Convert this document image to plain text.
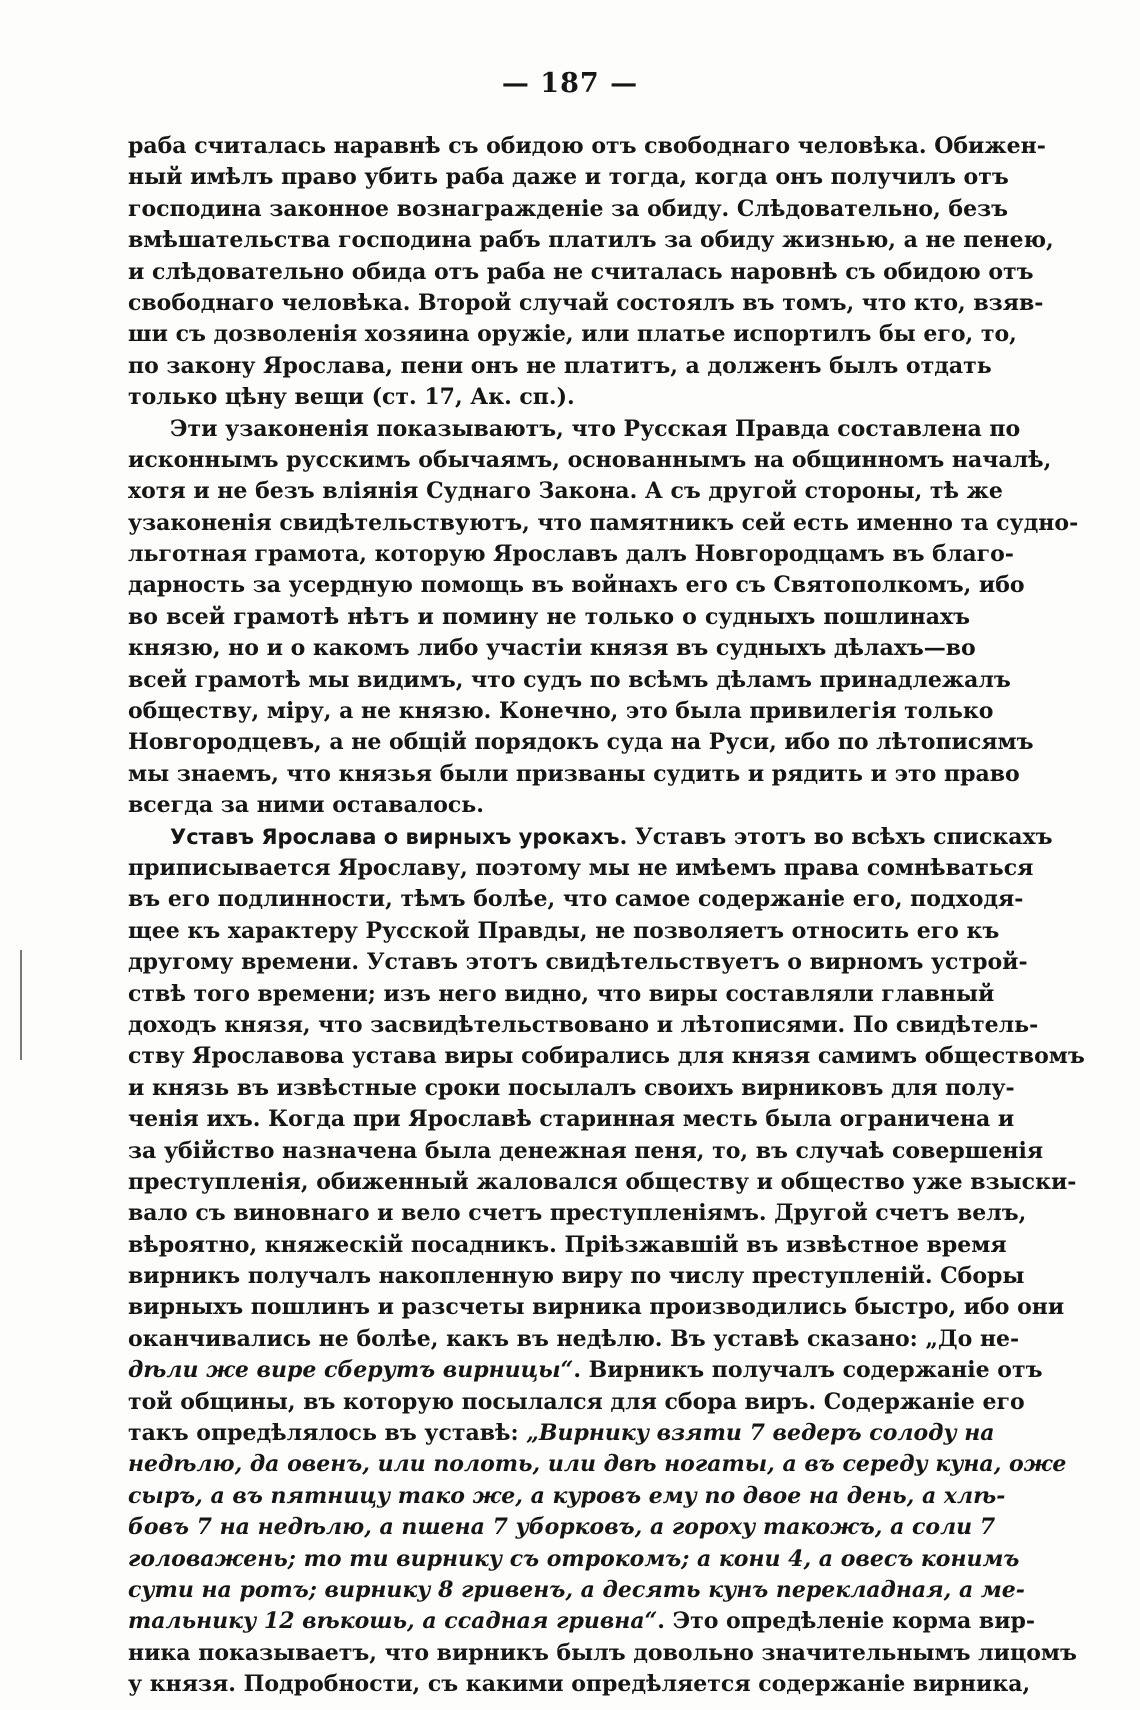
— 187 —
раба считалась наравнѣ съ обидою отъ свободнаго человѣка. Обижен-
ный имѣлъ право убить раба даже и тогда, когда онъ получилъ отъ
господина законное вознагражденіе за обиду. Слѣдовательно, безъ
вмѣшательства господина рабъ платилъ за обиду жизнью, а не пенею,
и слѣдовательно обида отъ раба не считалась наровнѣ съ обидою отъ
свободнаго человѣка. Второй случай состоялъ въ томъ, что кто, взяв-
ши съ дозволенія хозяина оружіе, или платье испортилъ бы его, то,
по закону Ярослава, пени онъ не платитъ, а долженъ былъ отдать
только цѣну вещи (ст. 17, Ак. сп.).
Эти узаконенія показываютъ, что Русская Правда составлена по
исконнымъ русскимъ обычаямъ, основаннымъ на общинномъ началѣ,
хотя и не безъ вліянія Суднаго Закона. А съ другой стороны, тѣ же
узаконенія свидѣтельствуютъ, что памятникъ сей есть именно та судно-
льготная грамота, которую Ярославъ далъ Новгородцамъ въ благо-
дарность за усердную помощь въ войнахъ его съ Святополкомъ, ибо
во всей грамотѣ нѣтъ и помину не только о судныхъ пошлинахъ
князю, но и о какомъ либо участіи князя въ судныхъ дѣлахъ—во
всей грамотѣ мы видимъ, что судъ по всѣмъ дѣламъ принадлежалъ
обществу, міру, а не князю. Конечно, это была привилегія только
Новгородцевъ, а не общій порядокъ суда на Руси, ибо по лѣтописямъ
мы знаемъ, что князья были призваны судить и рядить и это право
всегда за ними оставалось.
Уставъ Ярослава о вирныхъ урокахъ. Уставъ этотъ во всѣхъ спискахъ
приписывается Ярославу, поэтому мы не имѣемъ права сомнѣваться
въ его подлинности, тѣмъ болѣе, что самое содержаніе его, подходя-
щее къ характеру Русской Правды, не позволяетъ относить его къ
другому времени. Уставъ этотъ свидѣтельствуетъ о вирномъ устрой-
ствѣ того времени; изъ него видно, что виры составляли главный
доходъ князя, что засвидѣтельствовано и лѣтописями. По свидѣтель-
ству Ярославова устава виры собирались для князя самимъ обществомъ
и князь въ извѣстные сроки посылалъ своихъ вирниковъ для полу-
ченія ихъ. Когда при Ярославѣ старинная месть была ограничена и
за убійство назначена была денежная пеня, то, въ случаѣ совершенія
преступленія, обиженный жаловался обществу и общество уже взыски-
вало съ виновнаго и вело счетъ преступленіямъ. Другой счетъ велъ,
вѣроятно, княжескій посадникъ. Пріѣзжавшій въ извѣстное время
вирникъ получалъ накопленную виру по числу преступленій. Сборы
вирныхъ пошлинъ и разсчеты вирника производились быстро, ибо они
оканчивались не болѣе, какъ въ недѣлю. Въ уставѣ сказано: „До не-
дѣли же вире сберутъ вирницы“. Вирникъ получалъ содержаніе отъ
той общины, въ которую посылался для сбора виръ. Содержаніе его
такъ опредѣлялось въ уставѣ: „Вирнику взяти 7 ведеръ солоду на
недѣлю, да овенъ, или полоть, или двѣ ногаты, а въ середу куна, оже
сыръ, а въ пятницу тако же, а куровъ ему по двое на день, а хлѣ-
бовъ 7 на недѣлю, а пшена 7 уборковъ, а гороху такожъ, а соли 7
головажень; то ти вирнику съ отрокомъ; а кони 4, а овесъ конимъ
сути на ротъ; вирнику 8 гривенъ, а десять кунъ перекладная, а ме-
тальнику 12 вѣкошь, а ссадная гривна“. Это опредѣленіе корма вир-
ника показываетъ, что вирникъ былъ довольно значительнымъ лицомъ
у князя. Подробности, съ какими опредѣляется содержаніе вирника,
